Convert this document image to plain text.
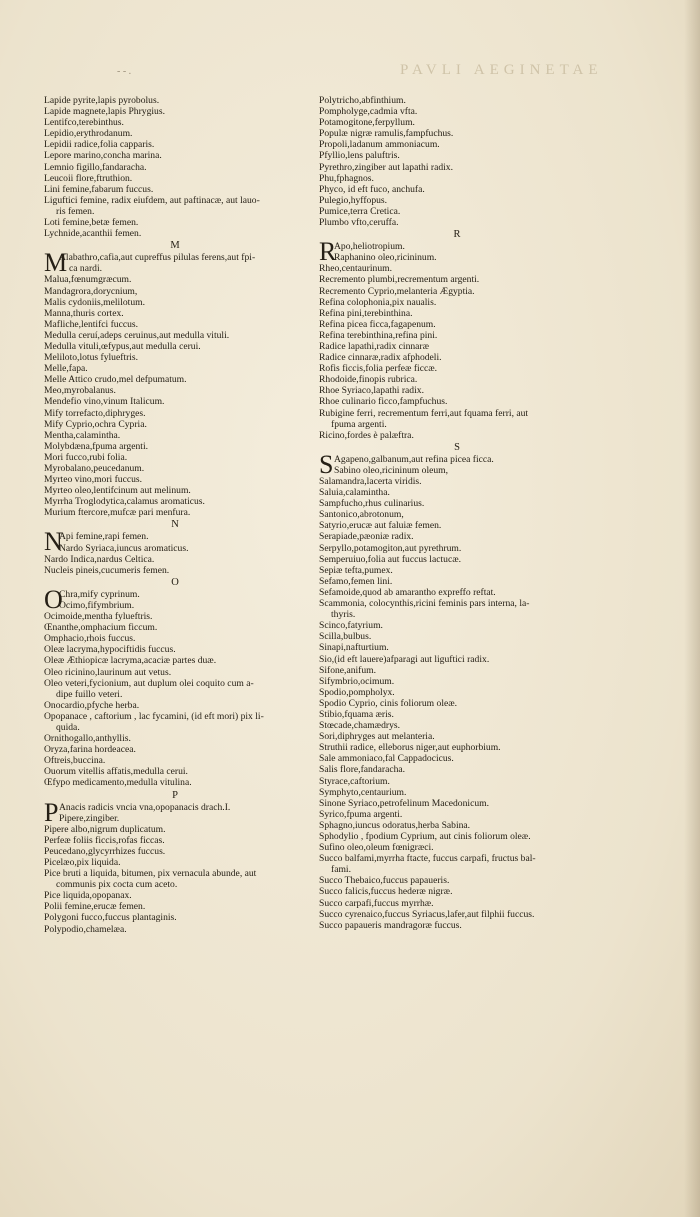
PAVLI AEGINETAE
- - .
Lapide pyrite,lapis pyrobolus.
Lapide magnete,lapis Phrygius.
Lentifco,terebinthus.
Lepidio,erythrodanum.
Lepidii radice,folia capparis.
Lepore marino,concha marina.
Lemnio figillo,fandaracha.
Leucoii flore,ftruthion.
Lini femine,fabarum fuccus.
Liguftici femine, radix eiufdem, aut paftinacæ, aut lauo-
ris femen.
Loti femine,betæ femen.
Lychnide,acanthii femen.
M
M
Alabathro,cafia,aut cupreffus pilulas ferens,aut fpi-
ca nardi.
Malua,fœnumgræcum.
Mandagrora,dorycnium,
Malis cydoniis,melilotum.
Manna,thuris cortex.
Mafliche,lentifci fuccus.
Medulla ceruí,adeps ceruinus,aut medulla vituli.
Medulla vituli,œfypus,aut medulla cerui.
Meliloto,lotus fylueftris.
Melle,fapa.
Melle Attico crudo,mel defpumatum.
Meo,myrobalanus.
Mendefio vino,vinum Italicum.
Mify torrefacto,diphryges.
Mify Cyprio,ochra Cypria.
Mentha,calamintha.
Molybdæna,fpuma argenti.
Mori fucco,rubi folia.
Myrobalano,peucedanum.
Myrteo vino,mori fuccus.
Myrteo oleo,lentifcinum aut melinum.
Myrrha Troglodytica,calamus aromaticus.
Murium ftercore,mufcæ pari menfura.
N
N
Api femine,rapi femen.
Nardo Syriaca,iuncus aromaticus.
Nardo Indica,nardus Celtica.
Nucleis pineis,cucumeris femen.
O
O
Chra,mify cyprinum.
Ocimo,fifymbrium.
Ocimoide,mentha fylueftris.
Œnanthe,omphacium ficcum.
Omphacio,rhois fuccus.
Oleæ lacryma,hypociftidis fuccus.
Oleæ Æthiopicæ lacryma,acaciæ partes duæ.
Oleo ricinino,laurinum aut vetus.
Oleo veteri,fycionium, aut duplum olei coquito cum a-
dipe fuillo veteri.
Onocardio,pfyche herba.
Opopanace , caftorium , lac fycamini, (id eft mori) pix li-
quida.
Ornithogallo,anthyllis.
Oryza,farina hordeacea.
Oftreis,buccina.
Ouorum vitellis affatis,medulla cerui.
Œfypo medicamento,medulla vitulina.
P
P Anacis radicis vncia vna,opopanacis drach.I.
Pipere,zingiber.
Pipere albo,nigrum duplicatum.
Perfeæ foliis ficcis,rofas ficcas.
Peucedano,glycyrrhizes fuccus.
Picelæo,pix liquida.
Pice bruti a liquida, bitumen, pix vernacula abunde, aut
communis pix cocta cum aceto.
Pice liquida,opopanax.
Polii femine,erucæ femen.
Polygoni fucco,fuccus plantaginis.
Polypodio,chamelæa.
Polytricho,abfinthium.
Pompholyge,cadmia vfta.
Potamogitone,ferpyllum.
Populæ nigræ ramulis,fampfuchus.
Propoli,ladanum ammoniacum.
Pfyllio,lens paluftris.
Pyrethro,zingiber aut lapathi radix.
Phu,fphagnos.
Phyco, id eft fuco, anchufa.
Pulegio,hyffopus.
Pumice,terra Cretica.
Plumbo vfto,ceruffa.
R
R
Apo,heliotropium.
Raphanino oleo,ricininum.
Rheo,centaurinum.
Recremento plumbi,recrementum argenti.
Recremento Cyprio,melanteria Ægyptia.
Refina colophonia,pix naualis.
Refina pini,terebinthina.
Refina picea ficca,fagapenum.
Refina terebinthina,refina pini.
Radice lapathi,radix cinnaræ
Radice cinnaræ,radix afphodeli.
Rofis ficcis,folia perfeæ ficcæ.
Rhodoide,finopis rubrica.
Rhoe Syriaco,lapathi radix.
Rhoe culinario ficco,fampfuchus.
Rubigine ferri, recrementum ferri,aut fquama ferri, aut
fpuma argenti.
Ricino,fordes è palæftra.
S
S Agapeno,galbanum,aut refina picea ficca.
Sabino oleo,ricininum oleum,
Salamandra,lacerta viridis.
Saluia,calamintha.
Sampfucho,rhus culinarius.
Santonico,abrotonum,
Satyrio,erucæ aut faluiæ femen.
Serapiade,pæoniæ radix.
Serpyllo,potamogiton,aut pyrethrum.
Semperuiuo,folia aut fuccus lactucæ.
Sepiæ tefta,pumex.
Sefamo,femen lini.
Sefamoide,quod ab amarantho expreffo reftat.
Scammonia, colocynthis,ricini feminis pars interna, la-
thyris.
Scinco,fatyrium.
Scilla,bulbus.
Sinapi,nafturtium.
Sio,(id eft lauere)afparagi aut liguftici radix.
Sifone,anifum.
Sifymbrio,ocimum.
Spodio,pompholyx.
Spodio Cyprio, cinis foliorum oleæ.
Stibio,fquama æris.
Stœcade,chamædrys.
Sori,diphryges aut melanteria.
Struthii radice, elleborus niger,aut euphorbium.
Sale ammoniaco,fal Cappadocicus.
Salis flore,fandaracha.
Styrace,caftorium.
Symphyto,centaurium.
Sinone Syriaco,petrofelinum Macedonicum.
Syrico,fpuma argenti.
Sphagno,iuncus odoratus,herba Sabina.
Sphodylio , fpodium Cyprium, aut cinis foliorum oleæ.
Sufino oleo,oleum fœnigræci.
Succo balfami,myrrha ftacte, fuccus carpafi, fructus bal-
fami.
Succo Thebaico,fuccus papaueris.
Succo falicis,fuccus hederæ nigræ.
Succo carpafi,fuccus myrrhæ.
Succo cyrenaico,fuccus Syriacus,lafer,aut filphii fuccus.
Succo papaueris mandragoræ fuccus.
